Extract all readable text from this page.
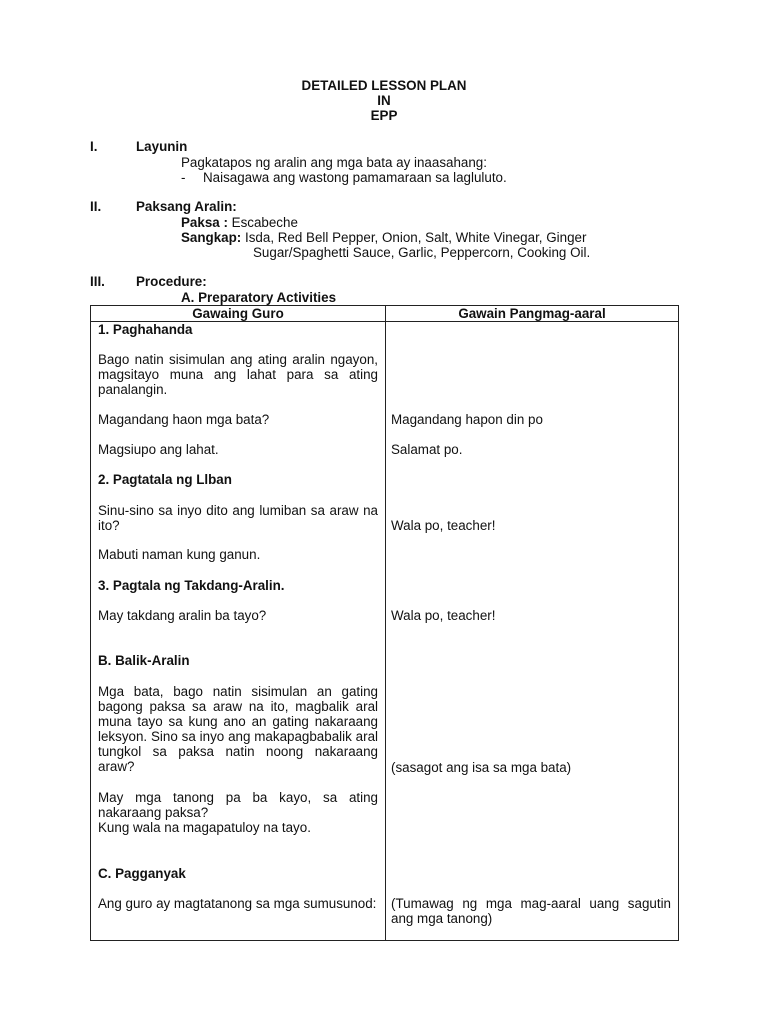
DETAILED LESSON PLAN
IN
EPP
I.	Layunin
Pagkatapos ng aralin ang mga bata ay inaasahang:
- Naisagawa ang wastong pamamaraan sa lagluluto.
II.	Paksang Aralin:
Paksa : Escabeche
Sangkap: Isda, Red Bell Pepper, Onion, Salt, White Vinegar, Ginger
Sugar/Spaghetti Sauce, Garlic, Peppercorn, Cooking Oil.
III. Procedure:
A. Preparatory Activities
Gawaing Guro	Gawain Pangmag-aaral
1. Paghahanda
Bago natin sisimulan ang ating aralin ngayon, magsitayo muna ang lahat para sa ating panalangin.
Magandang haon mga bata?	Magandang hapon din po
Magsiupo ang lahat.	Salamat po.
2. Pagtatala ng Llban
Sinu-sino sa inyo dito ang lumiban sa araw na ito?	Wala po, teacher!
Mabuti naman kung ganun.
3. Pagtala ng Takdang-Aralin.
May takdang aralin ba tayo?	Wala po, teacher!
B. Balik-Aralin
Mga bata, bago natin sisimulan an gating bagong paksa sa araw na ito, magbalik aral muna tayo sa kung ano an gating nakaraang leksyon. Sino sa inyo ang makapagbabalik aral tungkol sa paksa natin noong nakaraang araw?	(sasagot ang isa sa mga bata)
May mga tanong pa ba kayo, sa ating nakaraang paksa?
Kung wala na magapatuloy na tayo.
C. Pagganyak
Ang guro ay magtatanong sa mga sumusunod: (Tumawag ng mga mag-aaral uang sagutin ang mga tanong)
